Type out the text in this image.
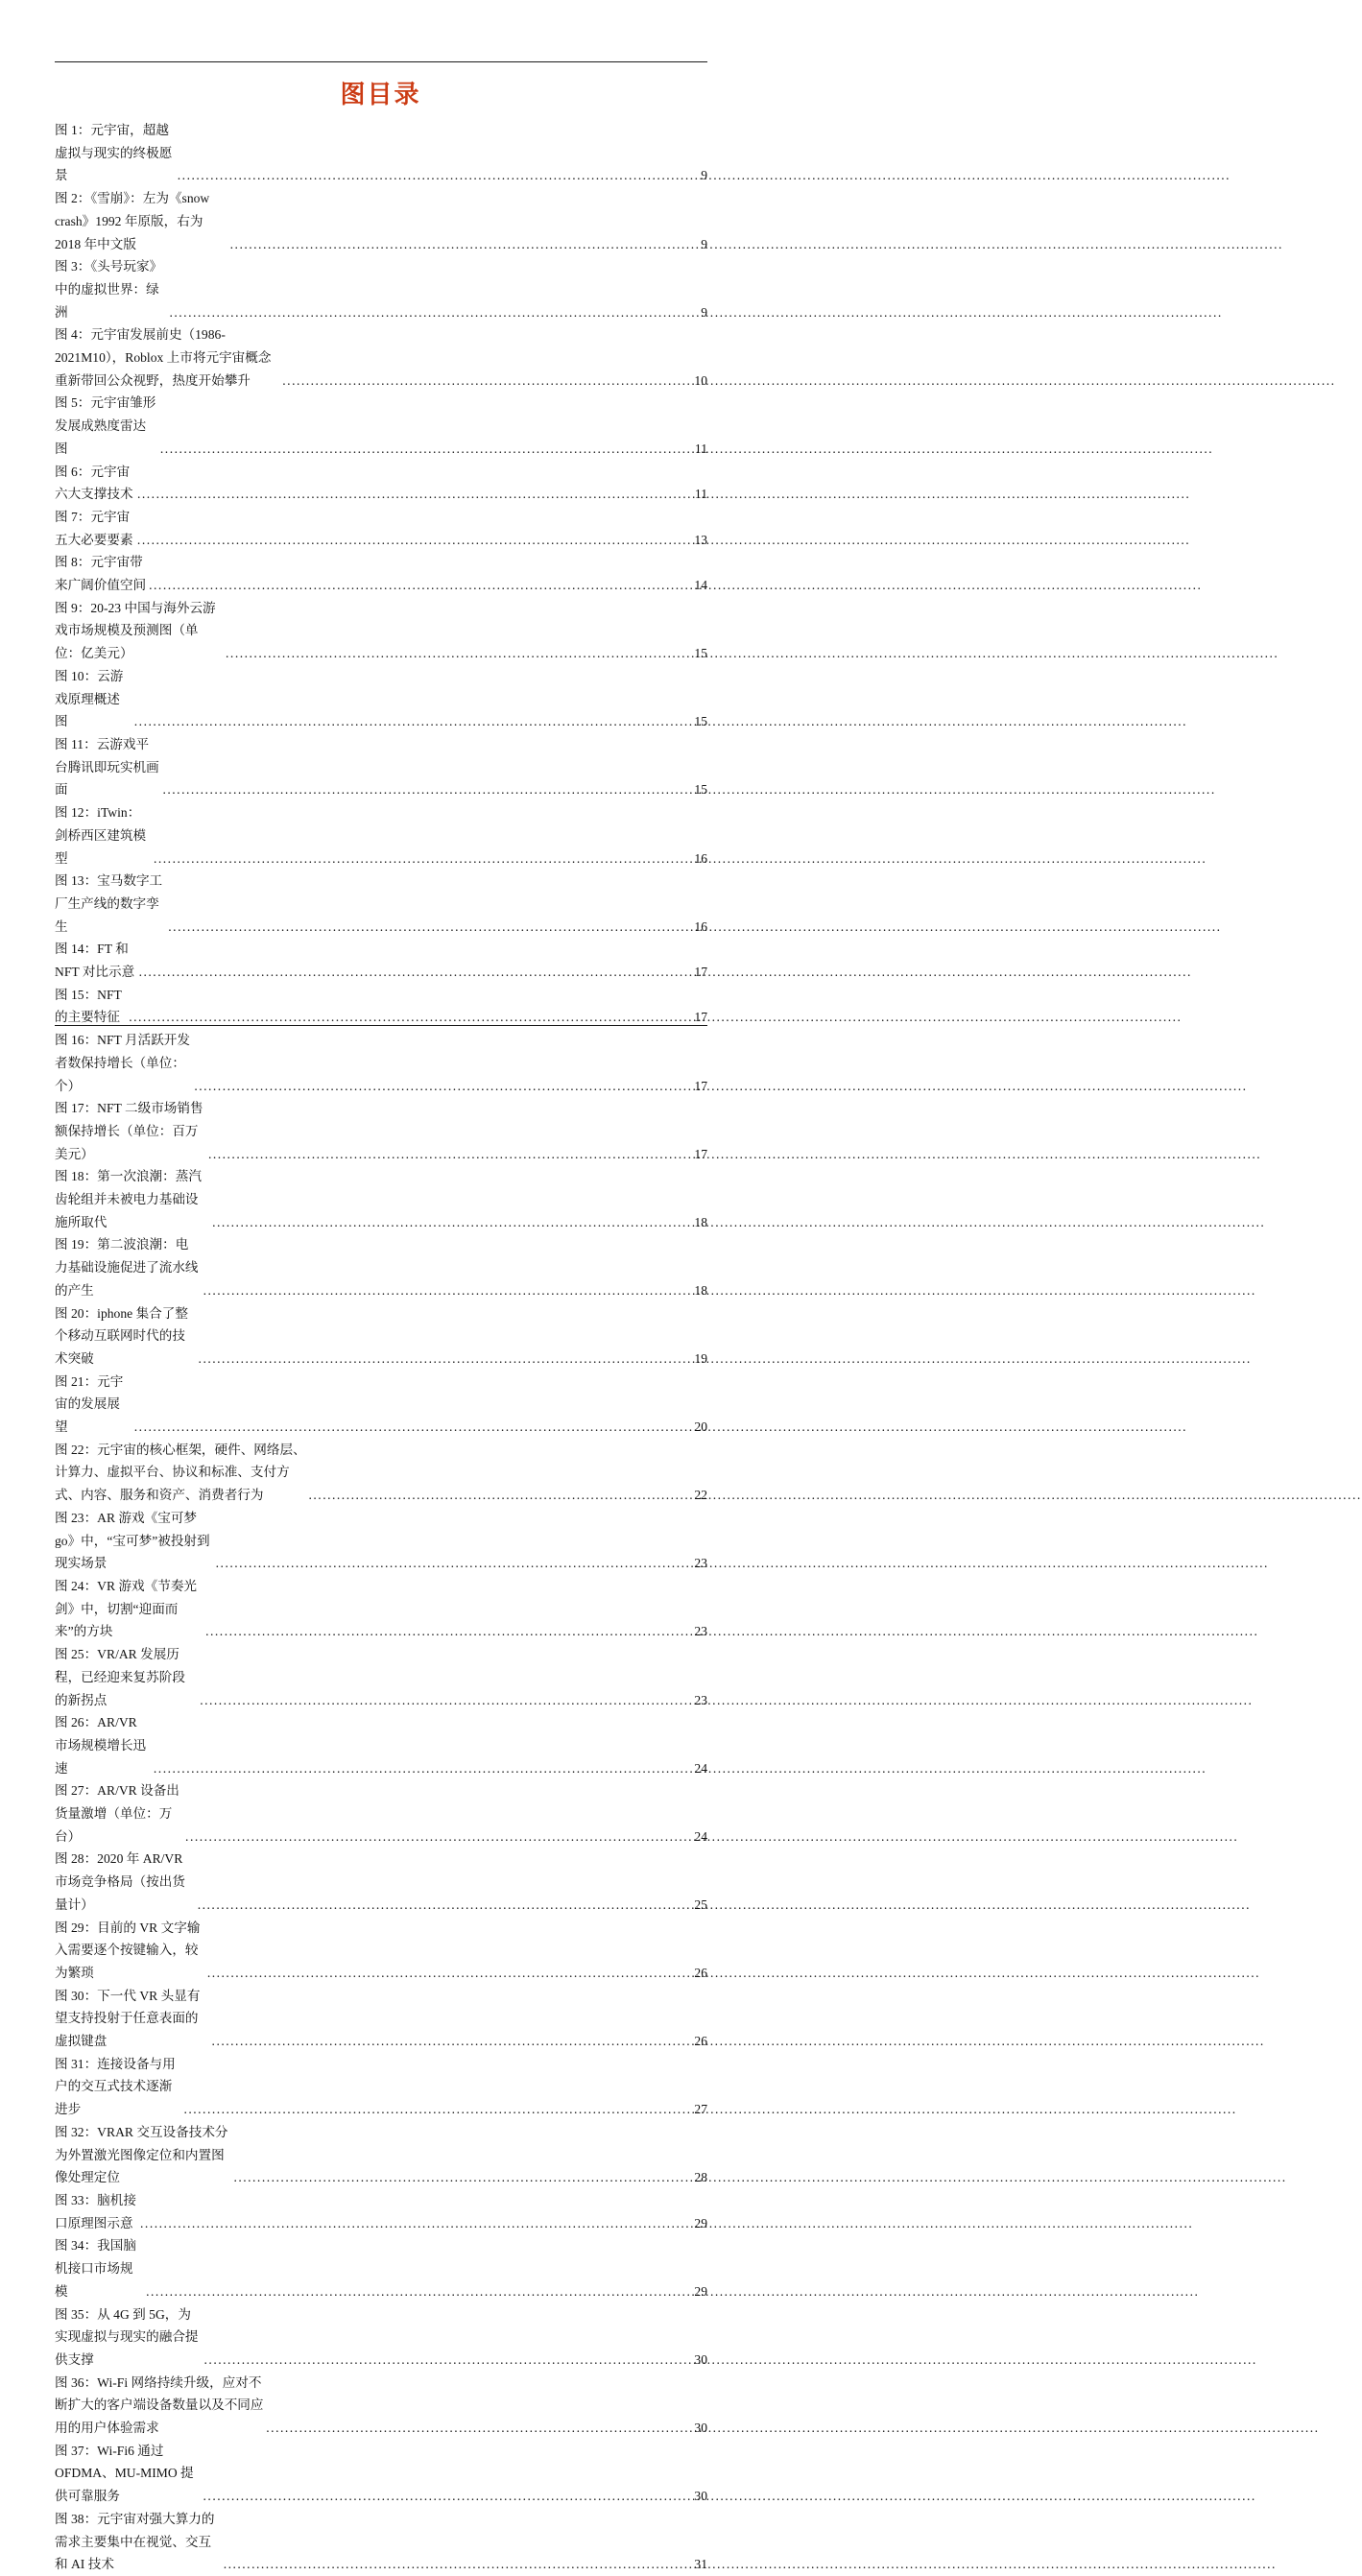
图目录
图 1：元宇宙，超越虚拟与现实的终极愿景 .....	9
图 2：《雪崩》：左为《snow crash》1992 年原版，右为 2018 年中文版 .....	9
图 3：《头号玩家》中的虚拟世界：绿洲 .....	9
图 4：元宇宙发展前史（1986-2021M10），Roblox 上市将元宇宙概念重新带回公众视野，热度开始攀升 .....	10
图 5：元宇宙雏形发展成熟度雷达图 .....	11
图 6：元宇宙六大支撑技术 .....	11
图 7：元宇宙五大必要要素 .....	13
图 8：元宇宙带来广阔价值空间 .....	14
图 9：20-23 中国与海外云游戏市场规模及预测图（单位：亿美元） .....	15
图 10：云游戏原理概述图 .....	15
图 11：云游戏平台腾讯即玩实机画面 .....	15
图 12：iTwin：剑桥西区建筑模型 .....	16
图 13：宝马数字工厂生产线的数字孪生 .....	16
图 14：FT 和 NFT 对比示意 .....	17
图 15：NFT 的主要特征 .....	17
图 16：NFT 月活跃开发者数保持增长（单位：个） .....	17
图 17：NFT 二级市场销售额保持增长（单位：百万美元） .....	17
图 18：第一次浪潮：蒸汽齿轮组并未被电力基础设施所取代 .....	18
图 19：第二波浪潮：电力基础设施促进了流水线的产生 .....	18
图 20：iphone 集合了整个移动互联网时代的技术突破 .....	19
图 21：元宇宙的发展展望 .....	20
图 22：元宇宙的核心框架，硬件、网络层、计算力、虚拟平台、协议和标准、支付方式、内容、服务和资产、消费者行为 .....	22
图 23：AR 游戏《宝可梦 go》中，“宝可梦”被投射到现实场景 .....	23
图 24：VR 游戏《节奏光剑》中，切割“迎面而来”的方块 .....	23
图 25：VR/AR 发展历程，已经迎来复苏阶段的新拐点 .....	23
图 26：AR/VR 市场规模增长迅速 .....	24
图 27：AR/VR 设备出货量激增（单位：万台） .....	24
图 28：2020 年 AR/VR 市场竞争格局（按出货量计） .....	25
图 29：目前的 VR 文字输入需要逐个按键输入，较为繁琐 .....	26
图 30：下一代 VR 头显有望支持投射于任意表面的虚拟键盘 .....	26
图 31：连接设备与用户的交互式技术逐渐进步 .....	27
图 32：VRAR 交互设备技术分为外置激光图像定位和内置图像处理定位 .....	28
图 33：脑机接口原理图示意 .....	29
图 34：我国脑机接口市场规模 .....	29
图 35：从 4G 到 5G，为实现虚拟与现实的融合提供支撑 .....	30
图 36：Wi-Fi 网络持续升级，应对不断扩大的客户端设备数量以及不同应用的用户体验需求 .....	30
图 37：Wi-Fi6 通过 OFDMA、MU-MIMO 提供可靠服务 .....	30
图 38：元宇宙对强大算力的需求主要集中在视觉、交互和 AI 技术 .....	31
